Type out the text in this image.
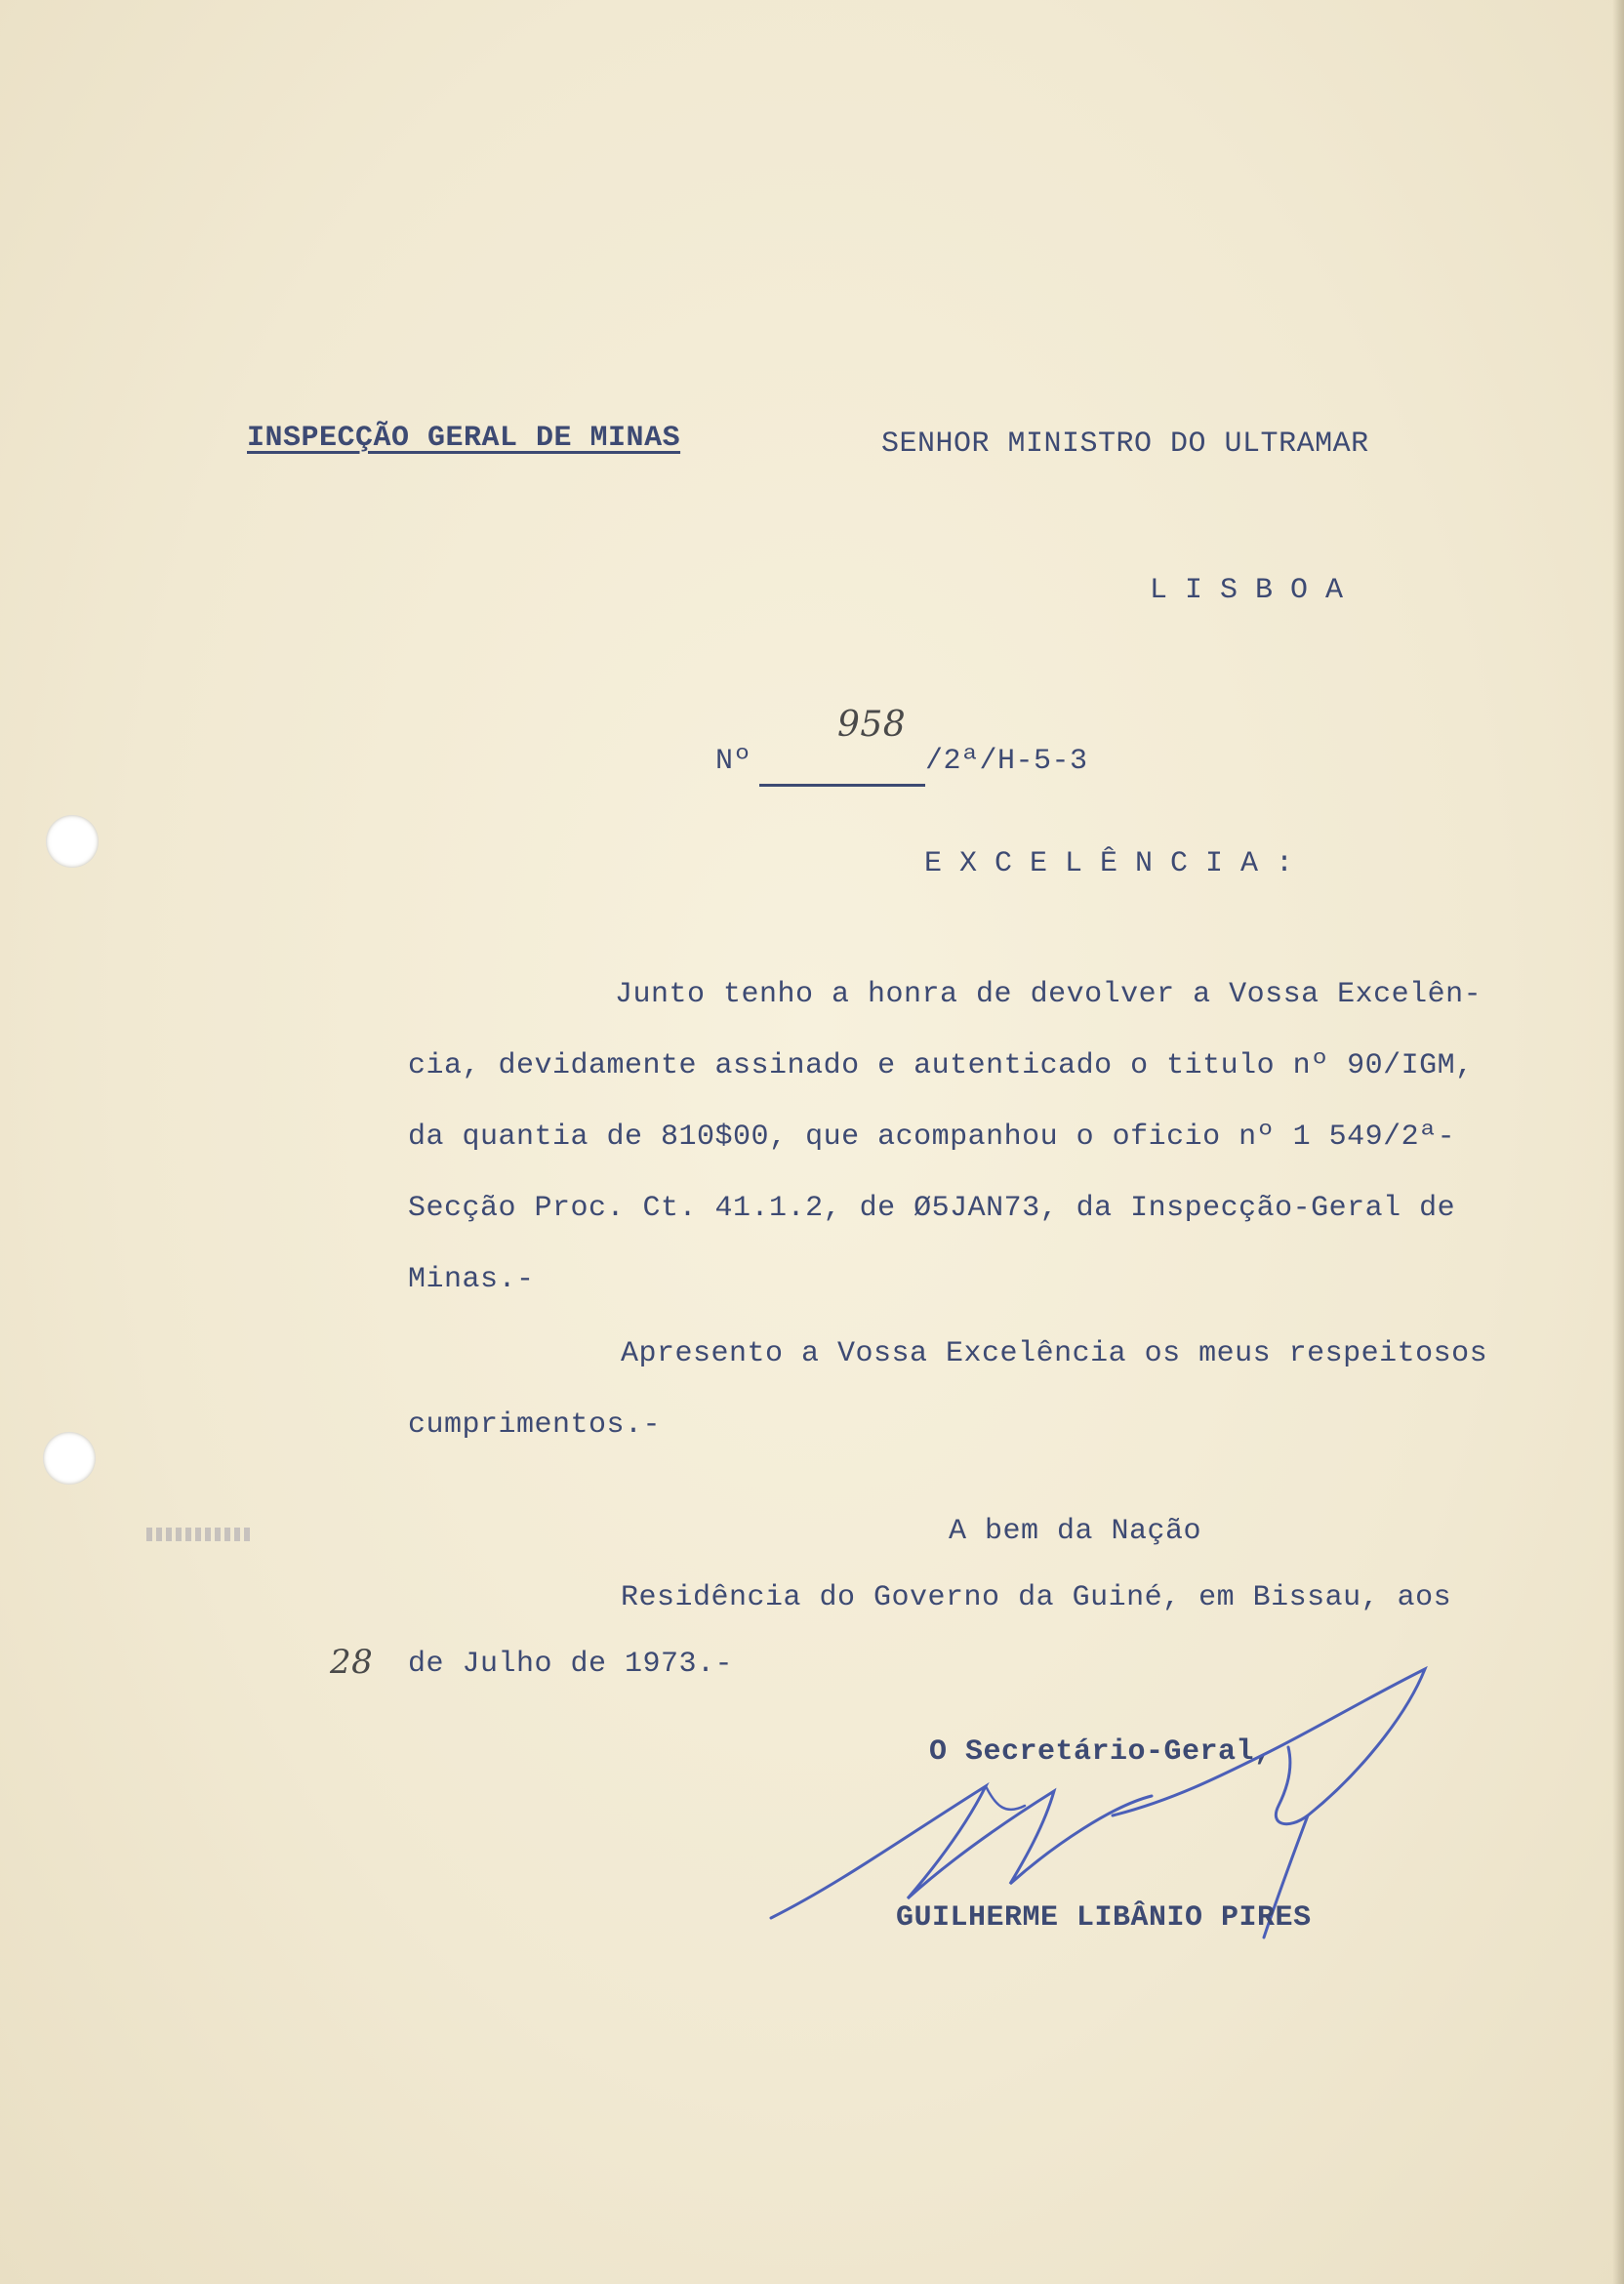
INSPECÇÃO GERAL DE MINAS	SENHOR MINISTRO DO ULTRAMAR
LISBOA
Nº
958
/2ª/H-5-3
EXCELÊNCIA:
Junto tenho a honra de devolver a Vossa Excelên-
cia, devidamente assinado e autenticado o titulo nº 90/IGM,
da quantia de 810$00, que acompanhou o oficio nº 1 549/2ª-
Secção Proc. Ct. 41.1.2, de Ø5JAN73, da Inspecção-Geral de
Minas.-
Apresento a Vossa Excelência os meus respeitosos
cumprimentos.-
A bem da Nação
Residência do Governo da Guiné, em Bissau, aos
28 de Julho de 1973.-
O Secretário-Geral,
GUILHERME LIBÂNIO PIRES
